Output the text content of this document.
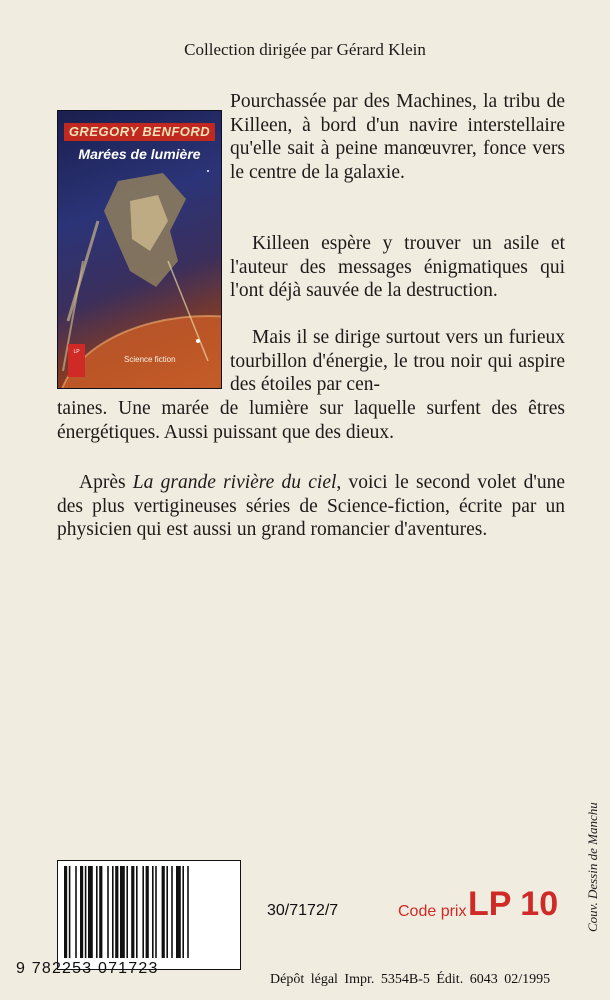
Collection dirigée par Gérard Klein

GREGORY BENFORD
Marées de lumière
LP
Science fiction

Pourchassée par des Machines, la tribu de Killeen, à bord d'un navire interstellaire qu'elle sait à peine manœuvrer, fonce vers le centre de la galaxie.

Killeen espère y trouver un asile et l'auteur des messages énigmatiques qui l'ont déjà sauvée de la destruction.

Mais il se dirige surtout vers un furieux tourbillon d'énergie, le trou noir qui aspire des étoiles par cen-

taines. Une marée de lumière sur laquelle surfent des êtres énergétiques. Aussi puissant que des dieux.

Après La grande rivière du ciel, voici le second volet d'une des plus vertigineuses séries de Science-fiction, écrite par un physicien qui est aussi un grand romancier d'aventures.

Couv. Dessin de Manchu
9 782253 071723
30/7172/7	Code prix LP 10
Dépôt légal Impr. 5354B-5 Édit. 6043 02/1995
